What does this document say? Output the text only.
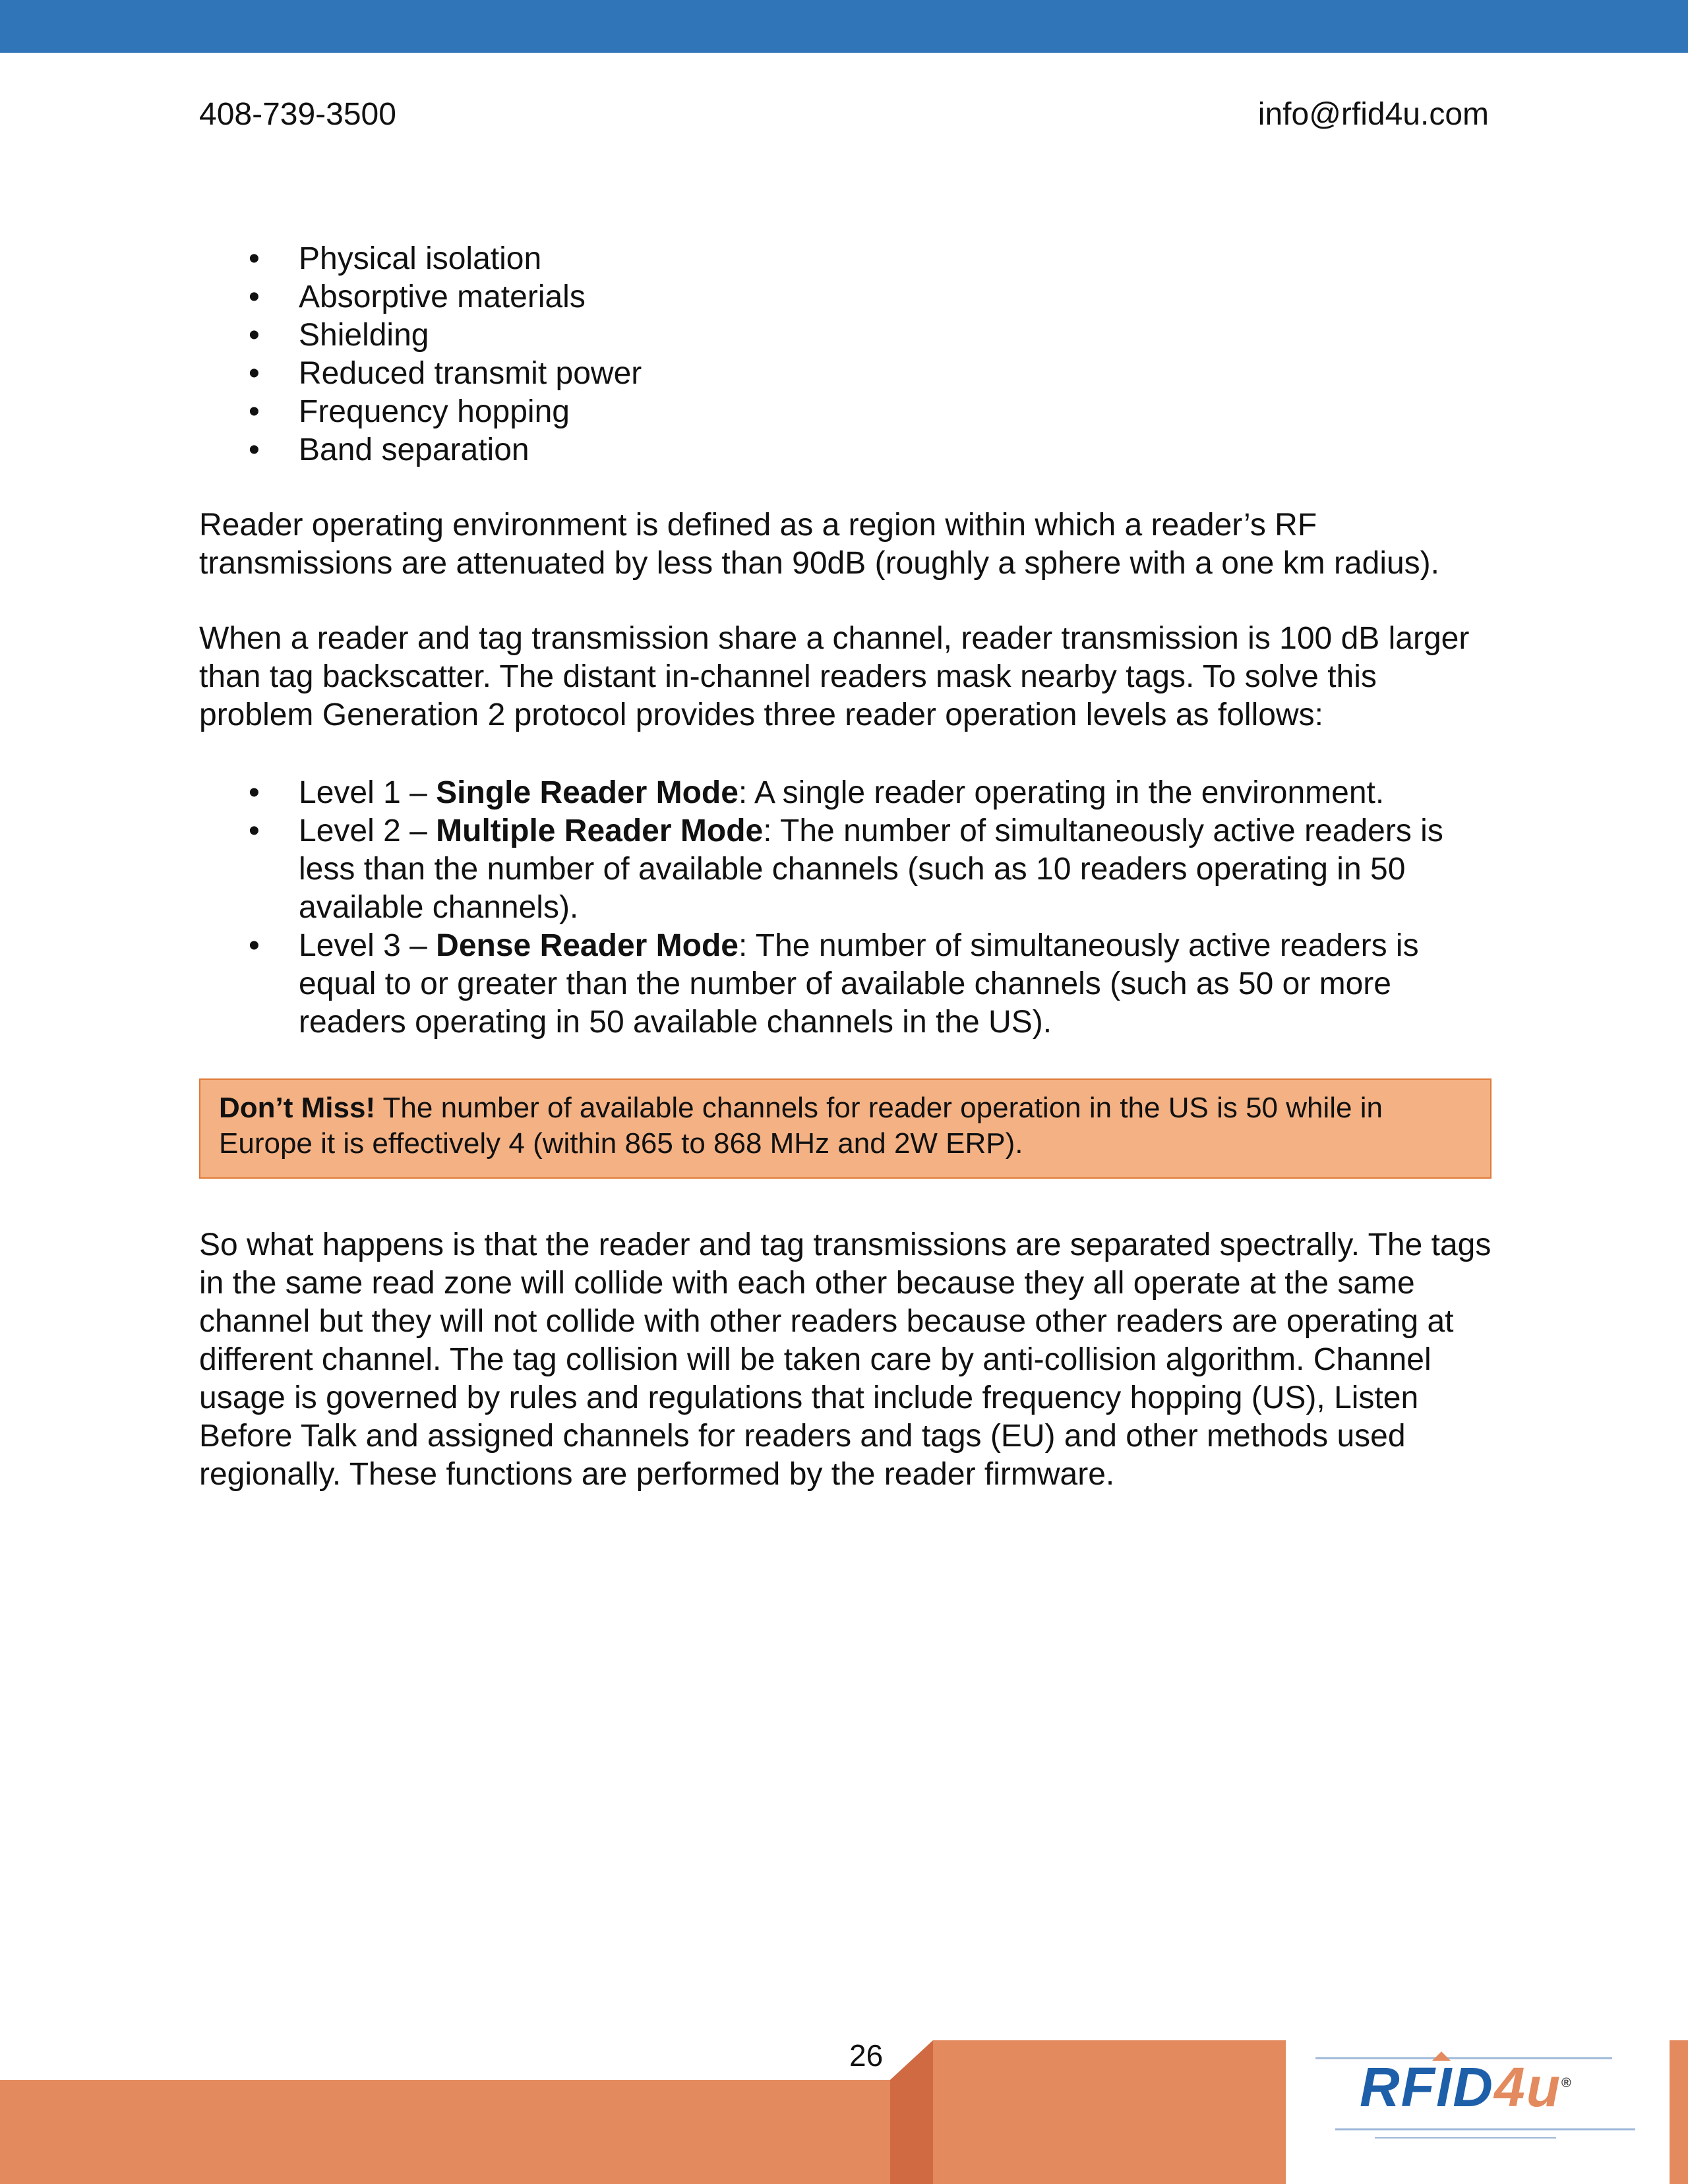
408-739-3500	info@rfid4u.com
• Physical isolation
• Absorptive materials
• Shielding
• Reduced transmit power
• Frequency hopping
• Band separation

Reader operating environment is defined as a region within which a reader’s RF transmissions are attenuated by less than 90dB (roughly a sphere with a one km radius).

When a reader and tag transmission share a channel, reader transmission is 100 dB larger than tag backscatter. The distant in-channel readers mask nearby tags. To solve this problem Generation 2 protocol provides three reader operation levels as follows:

• Level 1 – Single Reader Mode: A single reader operating in the environment.
• Level 2 – Multiple Reader Mode: The number of simultaneously active readers is less than the number of available channels (such as 10 readers operating in 50 available channels).
• Level 3 – Dense Reader Mode: The number of simultaneously active readers is equal to or greater than the number of available channels (such as 50 or more readers operating in 50 available channels in the US).
Don’t Miss! The number of available channels for reader operation in the US is 50 while in Europe it is effectively 4 (within 865 to 868 MHz and 2W ERP).

So what happens is that the reader and tag transmissions are separated spectrally. The tags in the same read zone will collide with each other because they all operate at the same channel but they will not collide with other readers because other readers are operating at different channel. The tag collision will be taken care by anti-collision algorithm. Channel usage is governed by rules and regulations that include frequency hopping (US), Listen Before Talk and assigned channels for readers and tags (EU) and other methods used regionally. These functions are performed by the reader firmware.

26
RFID4u®
